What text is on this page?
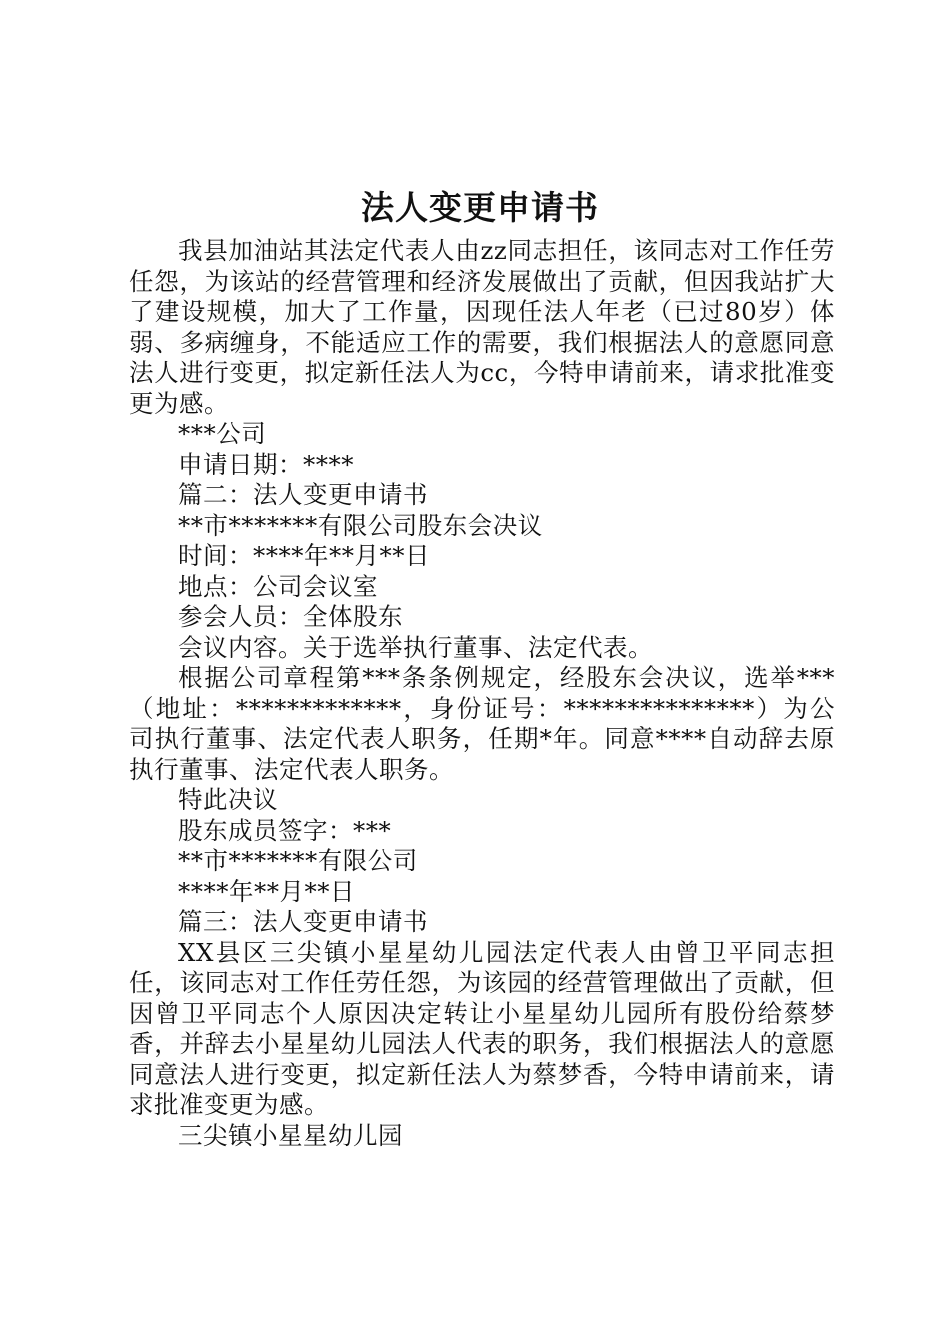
法人变更申请书

我县加油站其法定代表人由zz同志担任，该同志对工作任劳任怨，为该站的经营管理和经济发展做出了贡献，但因我站扩大了建设规模，加大了工作量，因现任法人年老（已过80岁）体弱、多病缠身，不能适应工作的需要，我们根据法人的意愿同意法人进行变更，拟定新任法人为cc，今特申请前来，请求批准变更为感。

***公司

申请日期：****

篇二：法人变更申请书

**市*******有限公司股东会决议

时间：****年**月**日

地点：公司会议室

参会人员：全体股东

会议内容。关于选举执行董事、法定代表。

根据公司章程第***条条例规定，经股东会决议，选举***（地址：*************，身份证号：***************）为公司执行董事、法定代表人职务，任期*年。同意****自动辞去原执行董事、法定代表人职务。

特此决议

股东成员签字：***

**市*******有限公司

****年**月**日

篇三：法人变更申请书

XX县区三尖镇小星星幼儿园法定代表人由曾卫平同志担任，该同志对工作任劳任怨，为该园的经营管理做出了贡献，但因曾卫平同志个人原因决定转让小星星幼儿园所有股份给蔡梦香，并辞去小星星幼儿园法人代表的职务，我们根据法人的意愿同意法人进行变更，拟定新任法人为蔡梦香，今特申请前来，请求批准变更为感。

三尖镇小星星幼儿园
